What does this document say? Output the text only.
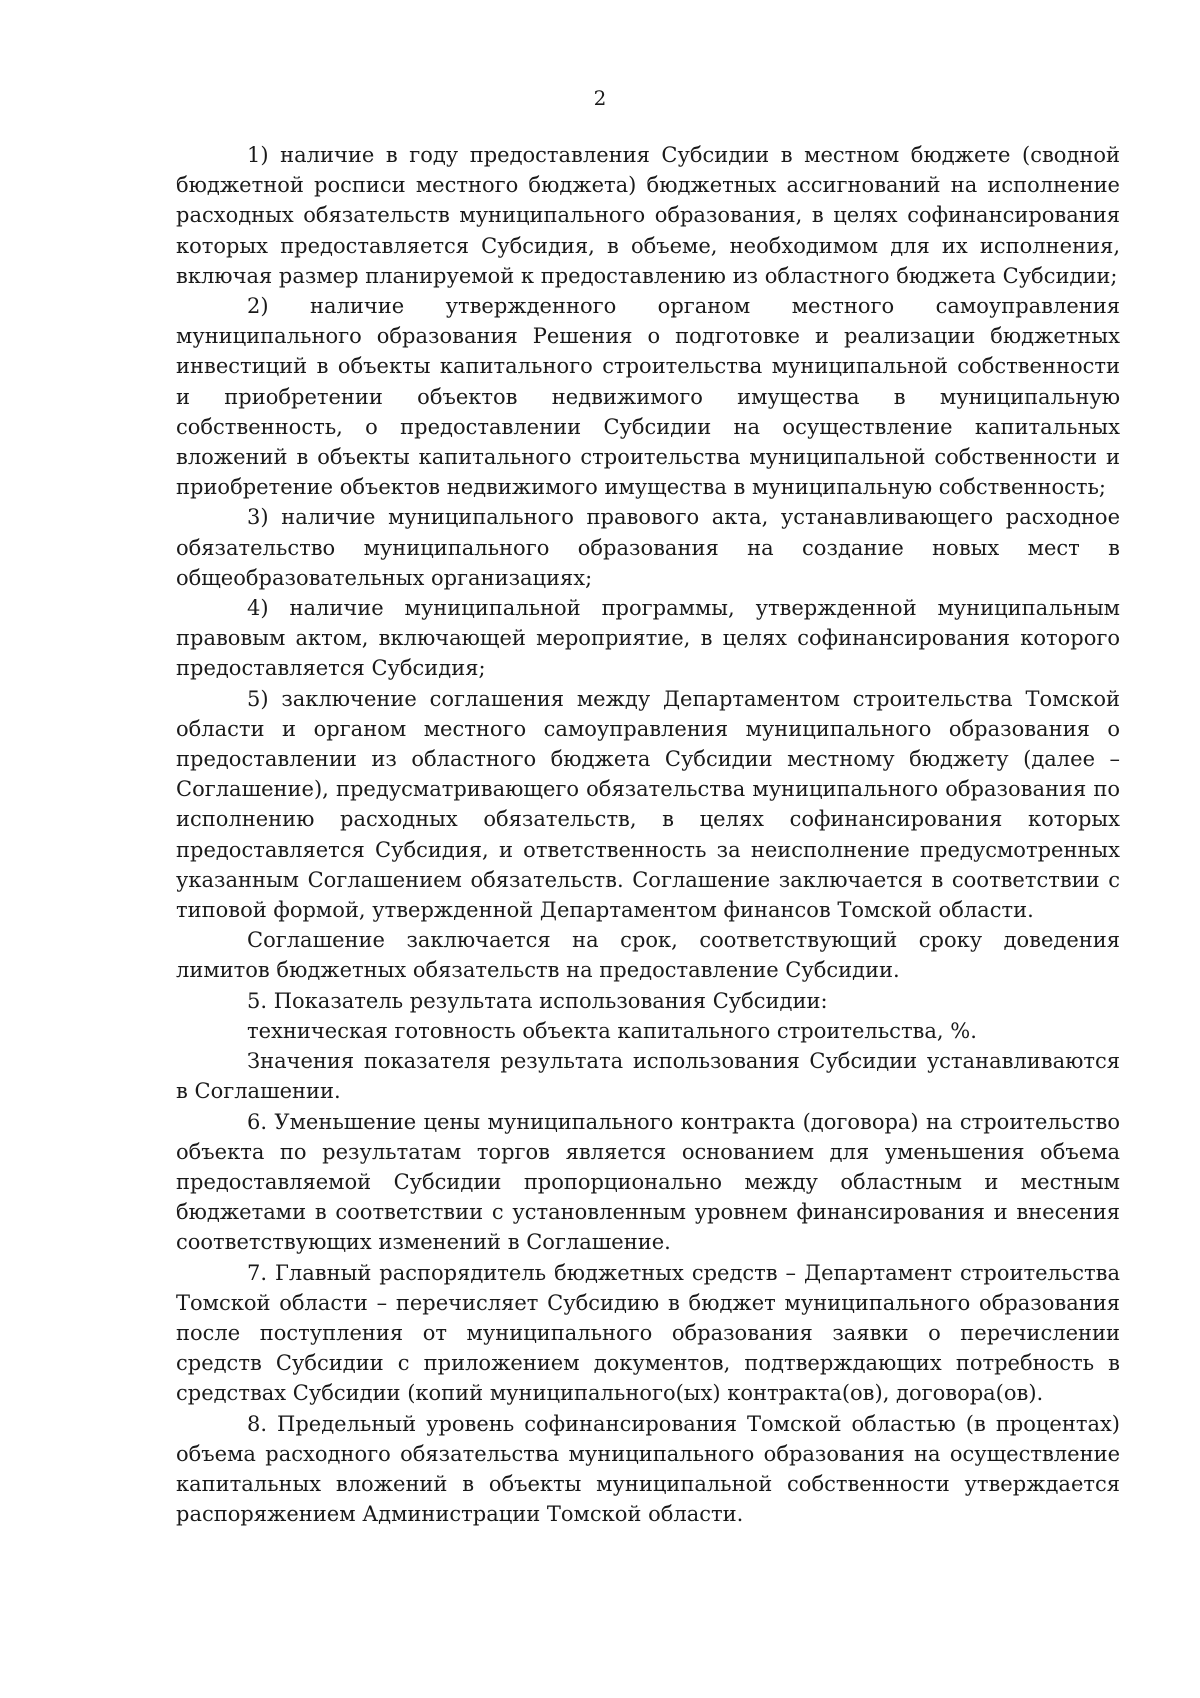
2

1) наличие в году предоставления Субсидии в местном бюджете (сводной бюджетной росписи местного бюджета) бюджетных ассигнований на исполнение расходных обязательств муниципального образования, в целях софинансирования которых предоставляется Субсидия, в объеме, необходимом для их исполнения, включая размер планируемой к предоставлению из областного бюджета Субсидии;

2) наличие утвержденного органом местного самоуправления муниципального образования Решения о подготовке и реализации бюджетных инвестиций в объекты капитального строительства муниципальной собственности и приобретении объектов недвижимого имущества в муниципальную собственность, о предоставлении Субсидии на осуществление капитальных вложений в объекты капитального строительства муниципальной собственности и приобретение объектов недвижимого имущества в муниципальную собственность;

3) наличие муниципального правового акта, устанавливающего расходное обязательство муниципального образования на создание новых мест в общеобразовательных организациях;

4) наличие муниципальной программы, утвержденной муниципальным правовым актом, включающей мероприятие, в целях софинансирования которого предоставляется Субсидия;

5) заключение соглашения между Департаментом строительства Томской области и органом местного самоуправления муниципального образования о предоставлении из областного бюджета Субсидии местному бюджету (далее – Соглашение), предусматривающего обязательства муниципального образования по исполнению расходных обязательств, в целях софинансирования которых предоставляется Субсидия, и ответственность за неисполнение предусмотренных указанным Соглашением обязательств. Соглашение заключается в соответствии с типовой формой, утвержденной Департаментом финансов Томской области.

Соглашение заключается на срок, соответствующий сроку доведения лимитов бюджетных обязательств на предоставление Субсидии.

5. Показатель результата использования Субсидии:

техническая готовность объекта капитального строительства, %.

Значения показателя результата использования Субсидии устанавливаются в Соглашении.

6. Уменьшение цены муниципального контракта (договора) на строительство объекта по результатам торгов является основанием для уменьшения объема предоставляемой Субсидии пропорционально между областным и местным бюджетами в соответствии с установленным уровнем финансирования и внесения соответствующих изменений в Соглашение.

7. Главный распорядитель бюджетных средств – Департамент строительства Томской области – перечисляет Субсидию в бюджет муниципального образования после поступления от муниципального образования заявки о перечислении средств Субсидии с приложением документов, подтверждающих потребность в средствах Субсидии (копий муниципального(ых) контракта(ов), договора(ов).

8. Предельный уровень софинансирования Томской областью (в процентах) объема расходного обязательства муниципального образования на осуществление капитальных вложений в объекты муниципальной собственности утверждается распоряжением Администрации Томской области.
